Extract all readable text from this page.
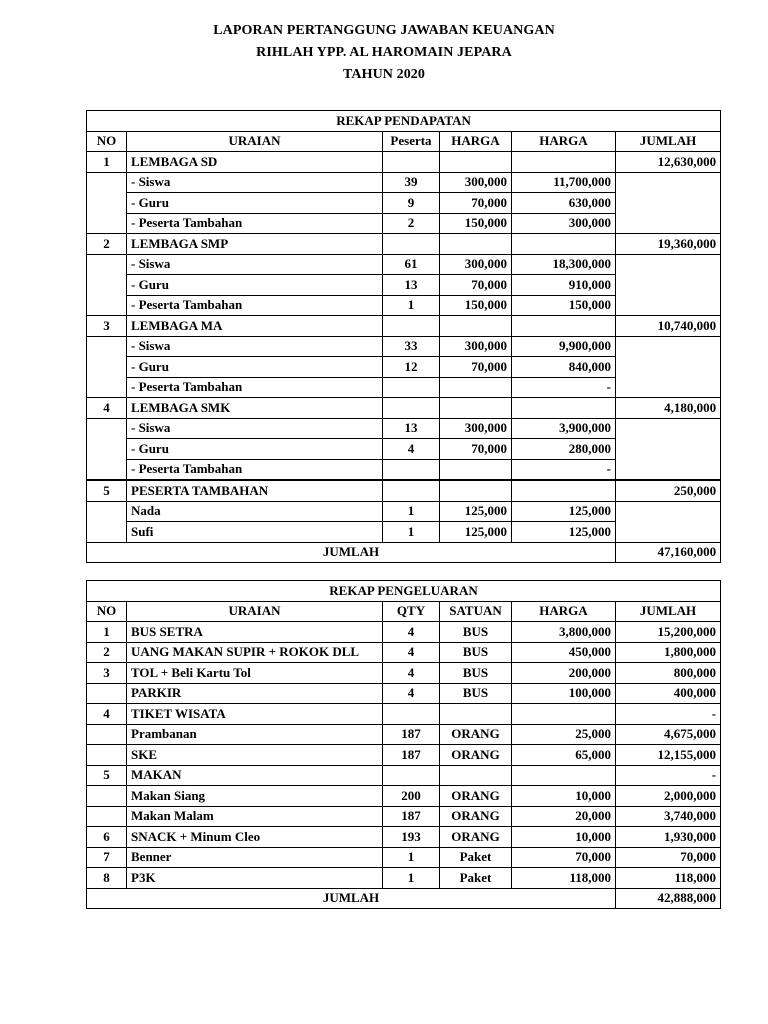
LAPORAN PERTANGGUNG JAWABAN KEUANGAN
RIHLAH YPP. AL HAROMAIN JEPARA
TAHUN 2020
REKAP PENDAPATAN					
NO	URAIAN	Peserta	HARGA	HARGA	JUMLAH
1	LEMBAGA SD				12,630,000
	- Siswa	39	300,000	11,700,000	
	- Guru	9	70,000	630,000	
	- Peserta Tambahan	2	150,000	300,000	
2	LEMBAGA SMP				19,360,000
	- Siswa	61	300,000	18,300,000	
	- Guru	13	70,000	910,000	
	- Peserta Tambahan	1	150,000	150,000	
3	LEMBAGA MA				10,740,000
	- Siswa	33	300,000	9,900,000	
	- Guru	12	70,000	840,000	
	- Peserta Tambahan			-	
4	LEMBAGA SMK				4,180,000
	- Siswa	13	300,000	3,900,000	
	- Guru	4	70,000	280,000	
	- Peserta Tambahan			-	
5	PESERTA TAMBAHAN				250,000
	Nada	1	125,000	125,000	
	Sufi	1	125,000	125,000	
JUMLAH					47,160,000
REKAP PENGELUARAN					
NO	URAIAN	QTY	SATUAN	HARGA	JUMLAH
1	BUS SETRA	4	BUS	3,800,000	15,200,000
2	UANG MAKAN SUPIR + ROKOK DLL	4	BUS	450,000	1,800,000
3	TOL + Beli Kartu Tol	4	BUS	200,000	800,000
	PARKIR	4	BUS	100,000	400,000
4	TIKET WISATA				-
	Prambanan	187	ORANG	25,000	4,675,000
	SKE	187	ORANG	65,000	12,155,000
5	MAKAN				-
	Makan Siang	200	ORANG	10,000	2,000,000
	Makan Malam	187	ORANG	20,000	3,740,000
6	SNACK + Minum Cleo	193	ORANG	10,000	1,930,000
7	Benner	1	Paket	70,000	70,000
8	P3K	1	Paket	118,000	118,000
JUMLAH					42,888,000
